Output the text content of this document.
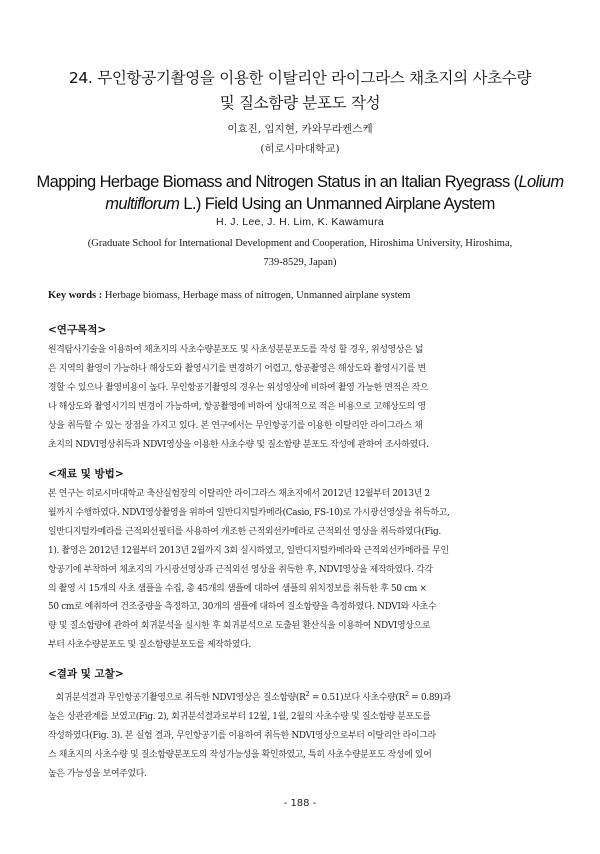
24. 무인항공기촬영을 이용한 이탈리안 라이그라스 채초지의 사초수량
및 질소함량 분포도 작성
이효진, 임지현, 카와무라켄스케
(히로시마대학교)
Mapping Herbage Biomass and Nitrogen Status in an Italian Ryegrass (Lolium
multiflorum L.) Field Using an Unmanned Airplane Aystem
H. J. Lee, J. H. Lim, K. Kawamura
(Graduate School for International Development and Cooperation, Hiroshima University, Hiroshima,
739-8529, Japan)
Key words : Herbage biomass, Herbage mass of nitrogen, Unmanned airplane system
<연구목적>
원격탐사기술을 이용하여 채초지의 사초수량분포도 및 사초성분분포도를 작성 할 경우, 위성영상은 넓
은 지역의 촬영이 가능하나 해상도와 촬영시기를 변경하기 어렵고, 항공촬영은 해상도와 촬영시기를 변
경할 수 있으나 촬영비용이 높다. 무인항공기촬영의 경우는 위성영상에 비하여 촬영 가능한 면적은 작으
나 해상도와 촬영시기의 변경이 가능하며, 항공촬영에 비하여 상대적으로 적은 비용으로 고해상도의 영
상을 취득할 수 있는 장점을 가지고 있다. 본 연구에서는 무인항공기를 이용한 이탈리안 라이그라스 채
초지의 NDVI영상취득과 NDVI영상을 이용한 사초수량 및 질소함량 분포도 작성에 관하여 조사하였다.
<재료 및 방법>
본 연구는 히로시마대학교 축산실험장의 이탈리안 라이그라스 채초지에서 2012년 12월부터 2013년 2
월까지 수행하였다. NDVI영상촬영을 위하여 일반디지털카메라(Casio, FS-10)로 가시광선영상을 취득하고,
일반디지털카메라를 근적외선필터를 사용하여 개조한 근적외선카메라로 근적외선 영상을 취득하였다(Fig.
1). 촬영은 2012년 12월부터 2013년 2월까지 3회 실시하였고, 일반디지털카메라와 근적외선카메라를 무인
항공기에 부착하여 채초지의 가시광선영상과 근적외선 영상을 취득한 후, NDVI영상을 제작하였다. 각각
의 촬영 시 15개의 사초 샘플을 수집, 총 45개의 샘플에 대하여 샘플의 위치정보를 취득한 후 50 cm ×
50 cm로 예취하여 건조중량을 측정하고, 30개의 샘플에 대하여 질소함량을 측정하였다. NDVI와 사초수
량 및 질소함량에 관하여 회귀분석을 실시한 후 회귀분석으로 도출된 환산식을 이용하여 NDVI영상으로
부터 사초수량분포도 및 질소함량분포도를 제작하였다.
<결과 및 고찰>
회귀분석결과 무인항공기촬영으로 취득한 NDVI영상은 질소함량$(R^2 = 0.51)$보다 사초수량$(R^2 = 0.89)$과
높은 상관관계를 보였고(Fig. 2), 회귀분석결과로부터 12월, 1월, 2월의 사초수량 및 질소함량 분포도를
작성하였다(Fig. 3). 본 실험 결과, 무인항공기를 이용하여 취득한 NDVI영상으로부터 이탈리안 라이그라
스 채초지의 사초수량 및 질소함량분포도의 작성가능성을 확인하였고, 특히 사초수량분포도 작성에 있어
높은 가능성을 보여주었다.
- 188 -
